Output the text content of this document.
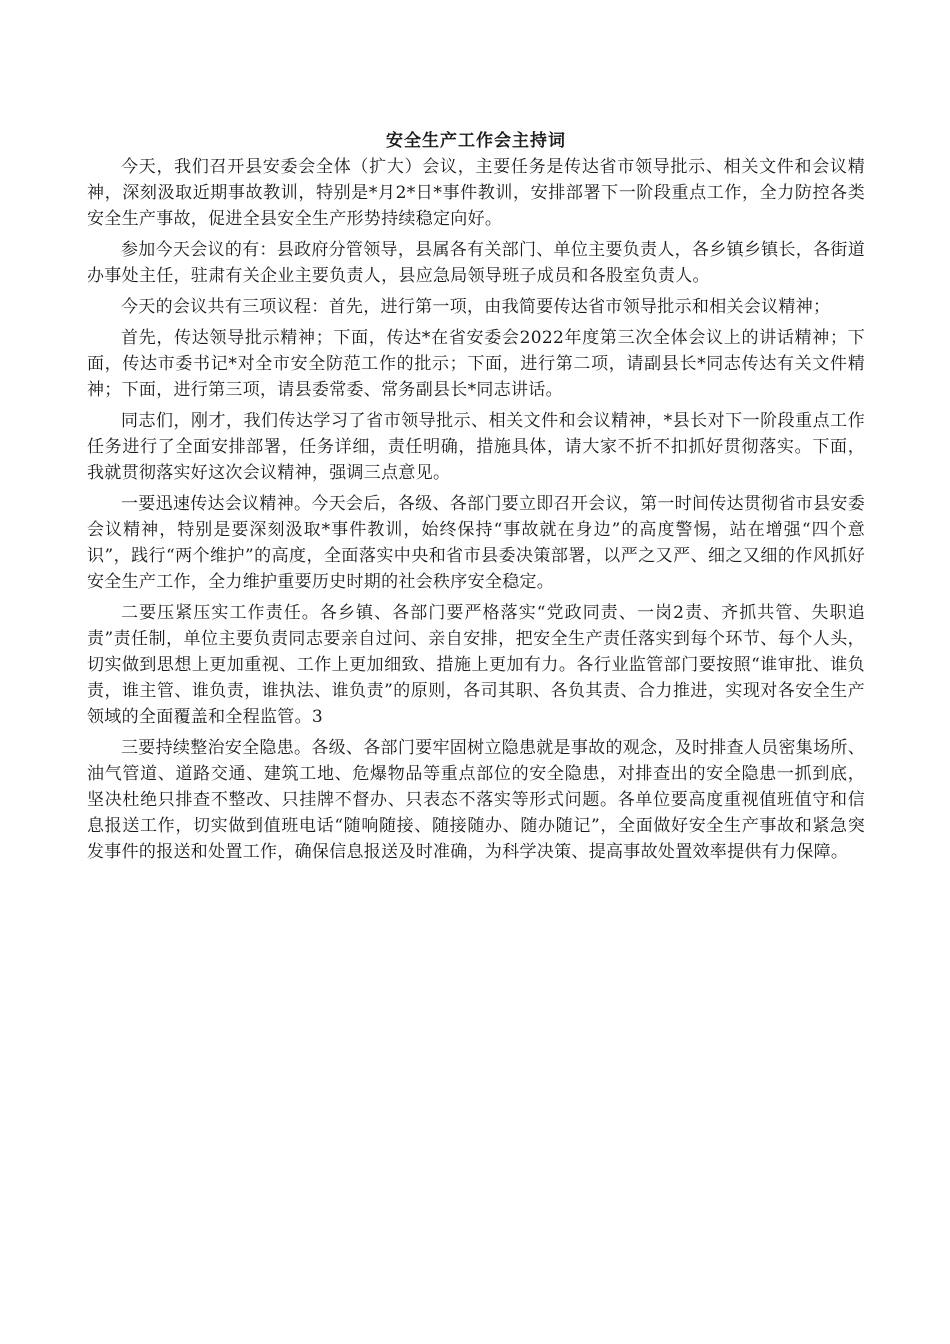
安全生产工作会主持词

今天，我们召开县安委会全体（扩大）会议，主要任务是传达省市领导批示、相关文件和会议精神，深刻汲取近期事故教训，特别是*月2*日*事件教训，安排部署下一阶段重点工作，全力防控各类安全生产事故，促进全县安全生产形势持续稳定向好。

参加今天会议的有：县政府分管领导，县属各有关部门、单位主要负责人，各乡镇乡镇长，各街道办事处主任，驻肃有关企业主要负责人，县应急局领导班子成员和各股室负责人。

今天的会议共有三项议程：首先，进行第一项，由我简要传达省市领导批示和相关会议精神；

首先，传达领导批示精神；下面，传达*在省安委会2022年度第三次全体会议上的讲话精神；下面，传达市委书记*对全市安全防范工作的批示；下面，进行第二项，请副县长*同志传达有关文件精神；下面，进行第三项，请县委常委、常务副县长*同志讲话。

同志们，刚才，我们传达学习了省市领导批示、相关文件和会议精神，*县长对下一阶段重点工作任务进行了全面安排部署，任务详细，责任明确，措施具体，请大家不折不扣抓好贯彻落实。下面，我就贯彻落实好这次会议精神，强调三点意见。

一要迅速传达会议精神。今天会后，各级、各部门要立即召开会议，第一时间传达贯彻省市县安委会议精神，特别是要深刻汲取*事件教训，始终保持“事故就在身边”的高度警惕，站在增强“四个意识”，践行“两个维护”的高度，全面落实中央和省市县委决策部署，以严之又严、细之又细的作风抓好安全生产工作，全力维护重要历史时期的社会秩序安全稳定。

二要压紧压实工作责任。各乡镇、各部门要严格落实“党政同责、一岗2责、齐抓共管、失职追责”责任制，单位主要负责同志要亲自过问、亲自安排，把安全生产责任落实到每个环节、每个人头，切实做到思想上更加重视、工作上更加细致、措施上更加有力。各行业监管部门要按照“谁审批、谁负责，谁主管、谁负责，谁执法、谁负责”的原则，各司其职、各负其责、合力推进，实现对各安全生产领域的全面覆盖和全程监管。3

三要持续整治安全隐患。各级、各部门要牢固树立隐患就是事故的观念，及时排查人员密集场所、油气管道、道路交通、建筑工地、危爆物品等重点部位的安全隐患，对排查出的安全隐患一抓到底，坚决杜绝只排查不整改、只挂牌不督办、只表态不落实等形式问题。各单位要高度重视值班值守和信息报送工作，切实做到值班电话“随响随接、随接随办、随办随记”，全面做好安全生产事故和紧急突发事件的报送和处置工作，确保信息报送及时准确，为科学决策、提高事故处置效率提供有力保障。
